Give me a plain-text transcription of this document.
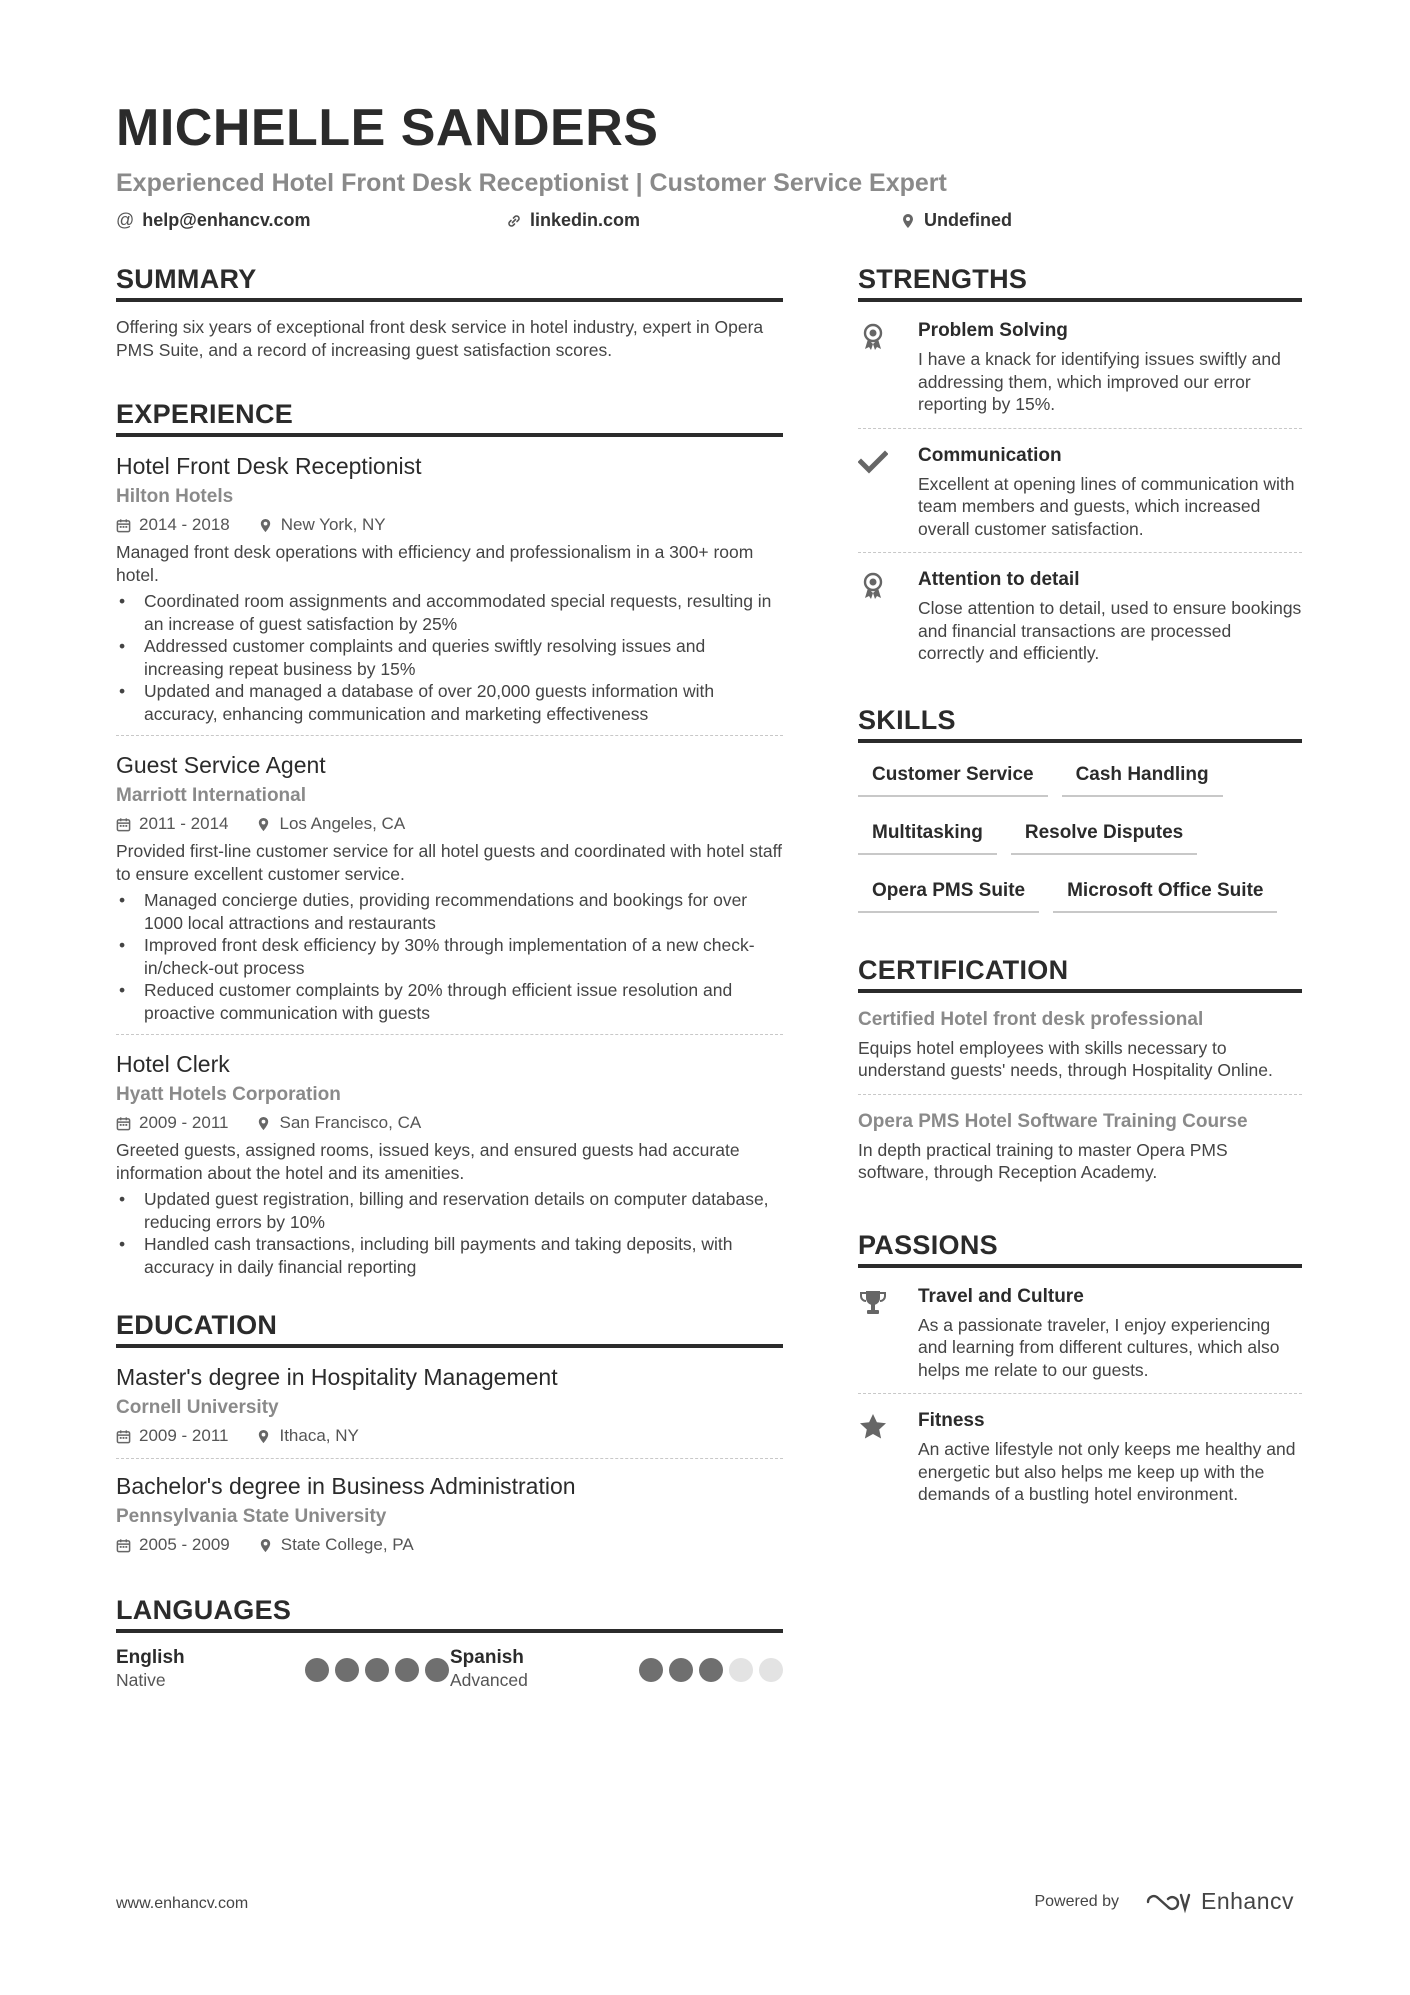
MICHELLE SANDERS
Experienced Hotel Front Desk Receptionist | Customer Service Expert
@ help@enhancv.com	linkedin.com	Undefined
SUMMARY
Offering six years of exceptional front desk service in hotel industry, expert in Opera PMS Suite, and a record of increasing guest satisfaction scores.
EXPERIENCE
Hotel Front Desk Receptionist
Hilton Hotels
2014 - 2018	New York, NY
Managed front desk operations with efficiency and professionalism in a 300+ room hotel.
• Coordinated room assignments and accommodated special requests, resulting in an increase of guest satisfaction by 25%
• Addressed customer complaints and queries swiftly resolving issues and increasing repeat business by 15%
• Updated and managed a database of over 20,000 guests information with accuracy, enhancing communication and marketing effectiveness
Guest Service Agent
Marriott International
2011 - 2014	Los Angeles, CA
Provided first-line customer service for all hotel guests and coordinated with hotel staff to ensure excellent customer service.
• Managed concierge duties, providing recommendations and bookings for over 1000 local attractions and restaurants
• Improved front desk efficiency by 30% through implementation of a new check-in/check-out process
• Reduced customer complaints by 20% through efficient issue resolution and proactive communication with guests
Hotel Clerk
Hyatt Hotels Corporation
2009 - 2011	San Francisco, CA
Greeted guests, assigned rooms, issued keys, and ensured guests had accurate information about the hotel and its amenities.
• Updated guest registration, billing and reservation details on computer database, reducing errors by 10%
• Handled cash transactions, including bill payments and taking deposits, with accuracy in daily financial reporting
EDUCATION
Master's degree in Hospitality Management
Cornell University
2009 - 2011	Ithaca, NY
Bachelor's degree in Business Administration
Pennsylvania State University
2005 - 2009	State College, PA
LANGUAGES
English
Native
Spanish
Advanced
STRENGTHS
Problem Solving
I have a knack for identifying issues swiftly and addressing them, which improved our error reporting by 15%.
Communication
Excellent at opening lines of communication with team members and guests, which increased overall customer satisfaction.
Attention to detail
Close attention to detail, used to ensure bookings and financial transactions are processed correctly and efficiently.
SKILLS
Customer Service	Cash Handling
Multitasking	Resolve Disputes
Opera PMS Suite	Microsoft Office Suite
CERTIFICATION
Certified Hotel front desk professional
Equips hotel employees with skills necessary to understand guests' needs, through Hospitality Online.
Opera PMS Hotel Software Training Course
In depth practical training to master Opera PMS software, through Reception Academy.
PASSIONS
Travel and Culture
As a passionate traveler, I enjoy experiencing and learning from different cultures, which also helps me relate to our guests.
Fitness
An active lifestyle not only keeps me healthy and energetic but also helps me keep up with the demands of a bustling hotel environment.
www.enhancv.com	Powered by	Enhancv
